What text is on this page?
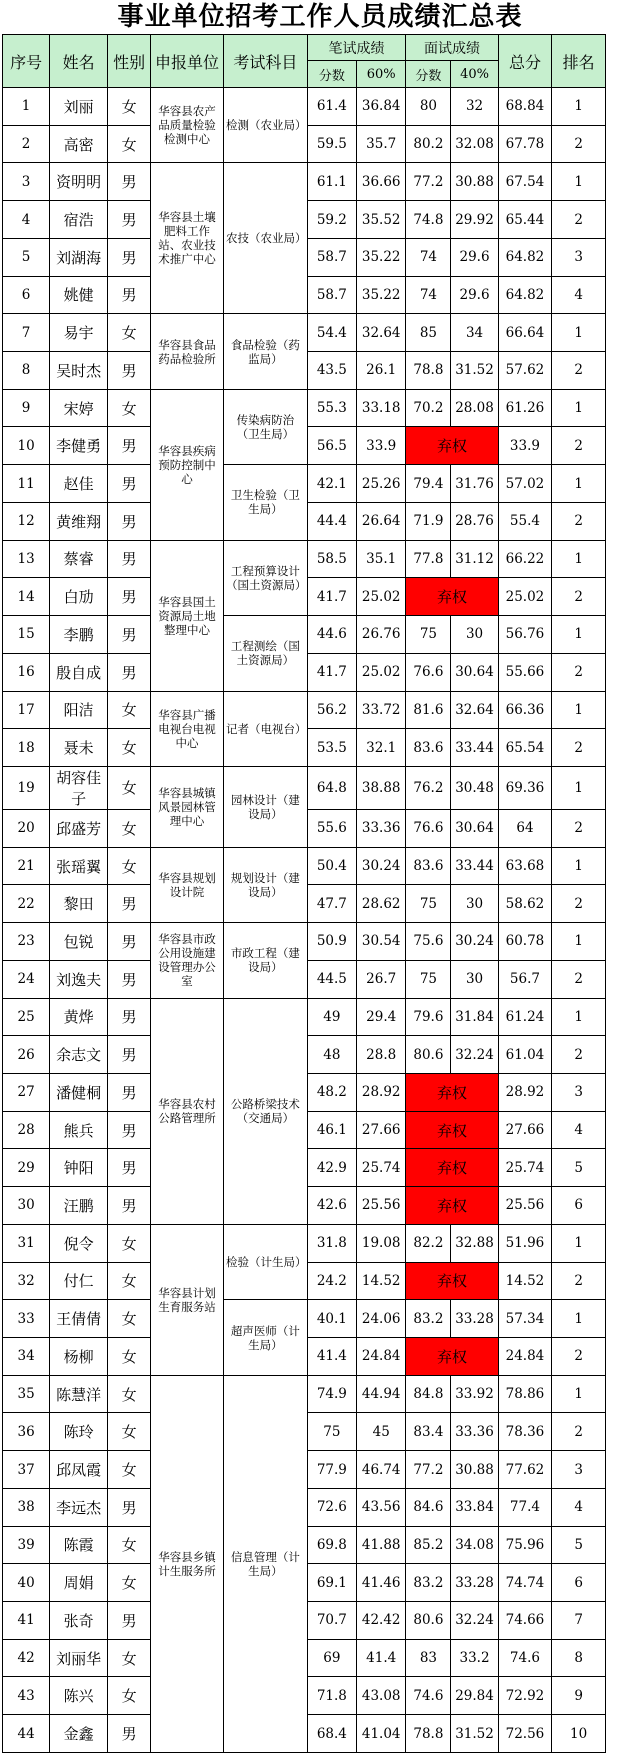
事业单位招考工作人员成绩汇总表
序号	姓名	性别	申报单位	考试科目	笔试成绩		面试成绩		总分	排名
					分数	60%	分数	40%		
1	刘丽	女	华容县农产品质量检验检测中心	检测（农业局）	61.4	36.84	80	32	68.84	1
2	高密	女			59.5	35.7	80.2	32.08	67.78	2
3	资明明	男	华容县土壤肥料工作站、农业技术推广中心	农技（农业局）	61.1	36.66	77.2	30.88	67.54	1
4	宿浩	男			59.2	35.52	74.8	29.92	65.44	2
5	刘湖海	男			58.7	35.22	74	29.6	64.82	3
6	姚健	男			58.7	35.22	74	29.6	64.82	4
7	易宇	女	华容县食品药品检验所	食品检验（药监局）	54.4	32.64	85	34	66.64	1
8	吴时杰	男			43.5	26.1	78.8	31.52	57.62	2
9	宋婷	女	华容县疾病预防控制中心	传染病防治（卫生局）	55.3	33.18	70.2	28.08	61.26	1
10	李健勇	男			56.5	33.9	弃权		33.9	2
11	赵佳	男		卫生检验（卫生局）	42.1	25.26	79.4	31.76	57.02	1
12	黄维翔	男			44.4	26.64	71.9	28.76	55.4	2
13	蔡睿	男	华容县国土资源局土地整理中心	工程预算设计（国土资源局）	58.5	35.1	77.8	31.12	66.22	1
14	白劢	男			41.7	25.02	弃权		25.02	2
15	李鹏	男		工程测绘（国土资源局）	44.6	26.76	75	30	56.76	1
16	殷自成	男			41.7	25.02	76.6	30.64	55.66	2
17	阳洁	女	华容县广播电视台电视中心	记者（电视台）	56.2	33.72	81.6	32.64	66.36	1
18	聂未	女			53.5	32.1	83.6	33.44	65.54	2
19	胡容佳子	女	华容县城镇风景园林管理中心	园林设计（建设局）	64.8	38.88	76.2	30.48	69.36	1
20	邱盛芳	女			55.6	33.36	76.6	30.64	64	2
21	张瑶翼	女	华容县规划设计院	规划设计（建设局）	50.4	30.24	83.6	33.44	63.68	1
22	黎田	男			47.7	28.62	75	30	58.62	2
23	包锐	男	华容县市政公用设施建设管理办公室	市政工程（建设局）	50.9	30.54	75.6	30.24	60.78	1
24	刘逸夫	男			44.5	26.7	75	30	56.7	2
25	黄烨	男	华容县农村公路管理所	公路桥梁技术（交通局）	49	29.4	79.6	31.84	61.24	1
26	余志文	男			48	28.8	80.6	32.24	61.04	2
27	潘健桐	男			48.2	28.92	弃权		28.92	3
28	熊兵	男			46.1	27.66	弃权		27.66	4
29	钟阳	男			42.9	25.74	弃权		25.74	5
30	汪鹏	男			42.6	25.56	弃权		25.56	6
31	倪令	女	华容县计划生育服务站	检验（计生局）	31.8	19.08	82.2	32.88	51.96	1
32	付仁	女			24.2	14.52	弃权		14.52	2
33	王倩倩	女		超声医师（计生局）	40.1	24.06	83.2	33.28	57.34	1
34	杨柳	女			41.4	24.84	弃权		24.84	2
35	陈慧洋	女	华容县乡镇计生服务所	信息管理（计生局）	74.9	44.94	84.8	33.92	78.86	1
36	陈玲	女			75	45	83.4	33.36	78.36	2
37	邱凤霞	女			77.9	46.74	77.2	30.88	77.62	3
38	李远杰	男			72.6	43.56	84.6	33.84	77.4	4
39	陈霞	女			69.8	41.88	85.2	34.08	75.96	5
40	周娟	女			69.1	41.46	83.2	33.28	74.74	6
41	张奇	男			70.7	42.42	80.6	32.24	74.66	7
42	刘丽华	女			69	41.4	83	33.2	74.6	8
43	陈兴	女			71.8	43.08	74.6	29.84	72.92	9
44	金鑫	男			68.4	41.04	78.8	31.52	72.56	10
